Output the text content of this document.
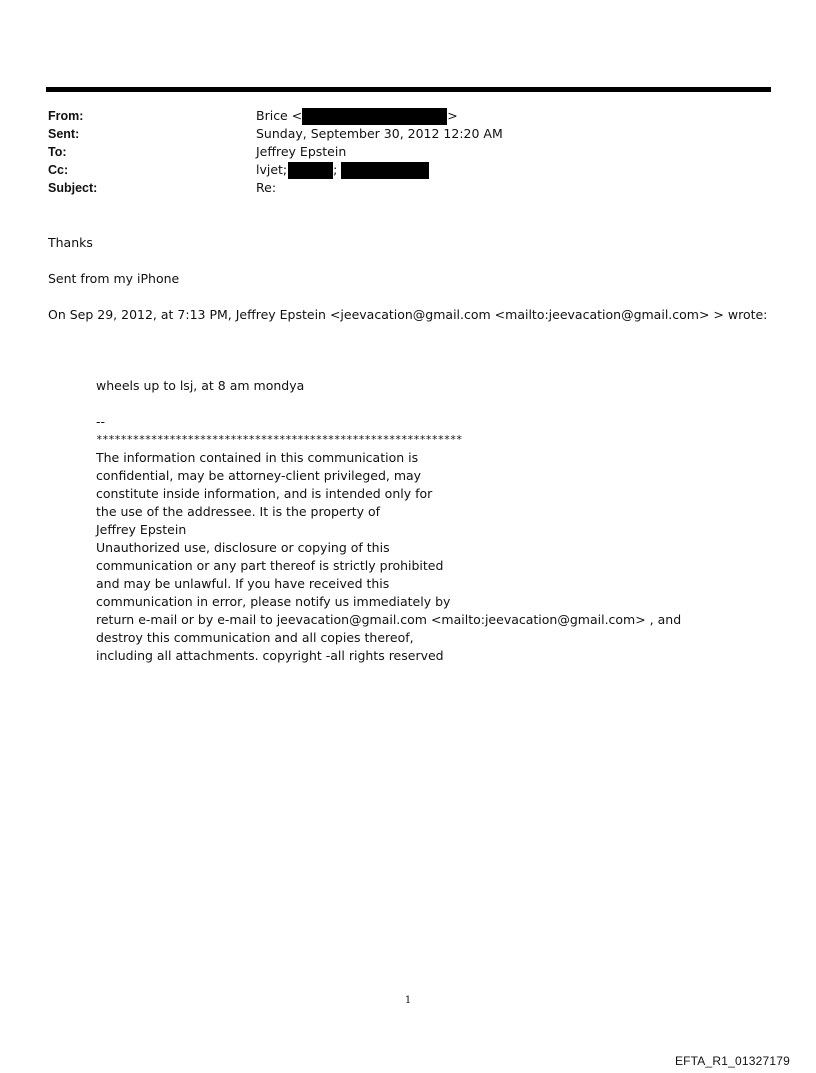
From:	Brice <	>
Sent:	Sunday, September 30, 2012 12:20 AM
To:	Jeffrey Epstein
Cc:	lvjet;	;
Subject:	Re:
Thanks
Sent from my iPhone
On Sep 29, 2012, at 7:13 PM, Jeffrey Epstein <jeevacation@gmail.com <mailto:jeevacation@gmail.com> > wrote:
wheels up to lsj, at 8 am mondya
--
************************************************************
The information contained in this communication is
confidential, may be attorney-client privileged, may
constitute inside information, and is intended only for
the use of the addressee. It is the property of
Jeffrey Epstein
Unauthorized use, disclosure or copying of this
communication or any part thereof is strictly prohibited
and may be unlawful. If you have received this
communication in error, please notify us immediately by
return e-mail or by e-mail to jeevacation@gmail.com <mailto:jeevacation@gmail.com> , and
destroy this communication and all copies thereof,
including all attachments. copyright -all rights reserved
1
EFTA_R1_01327179
